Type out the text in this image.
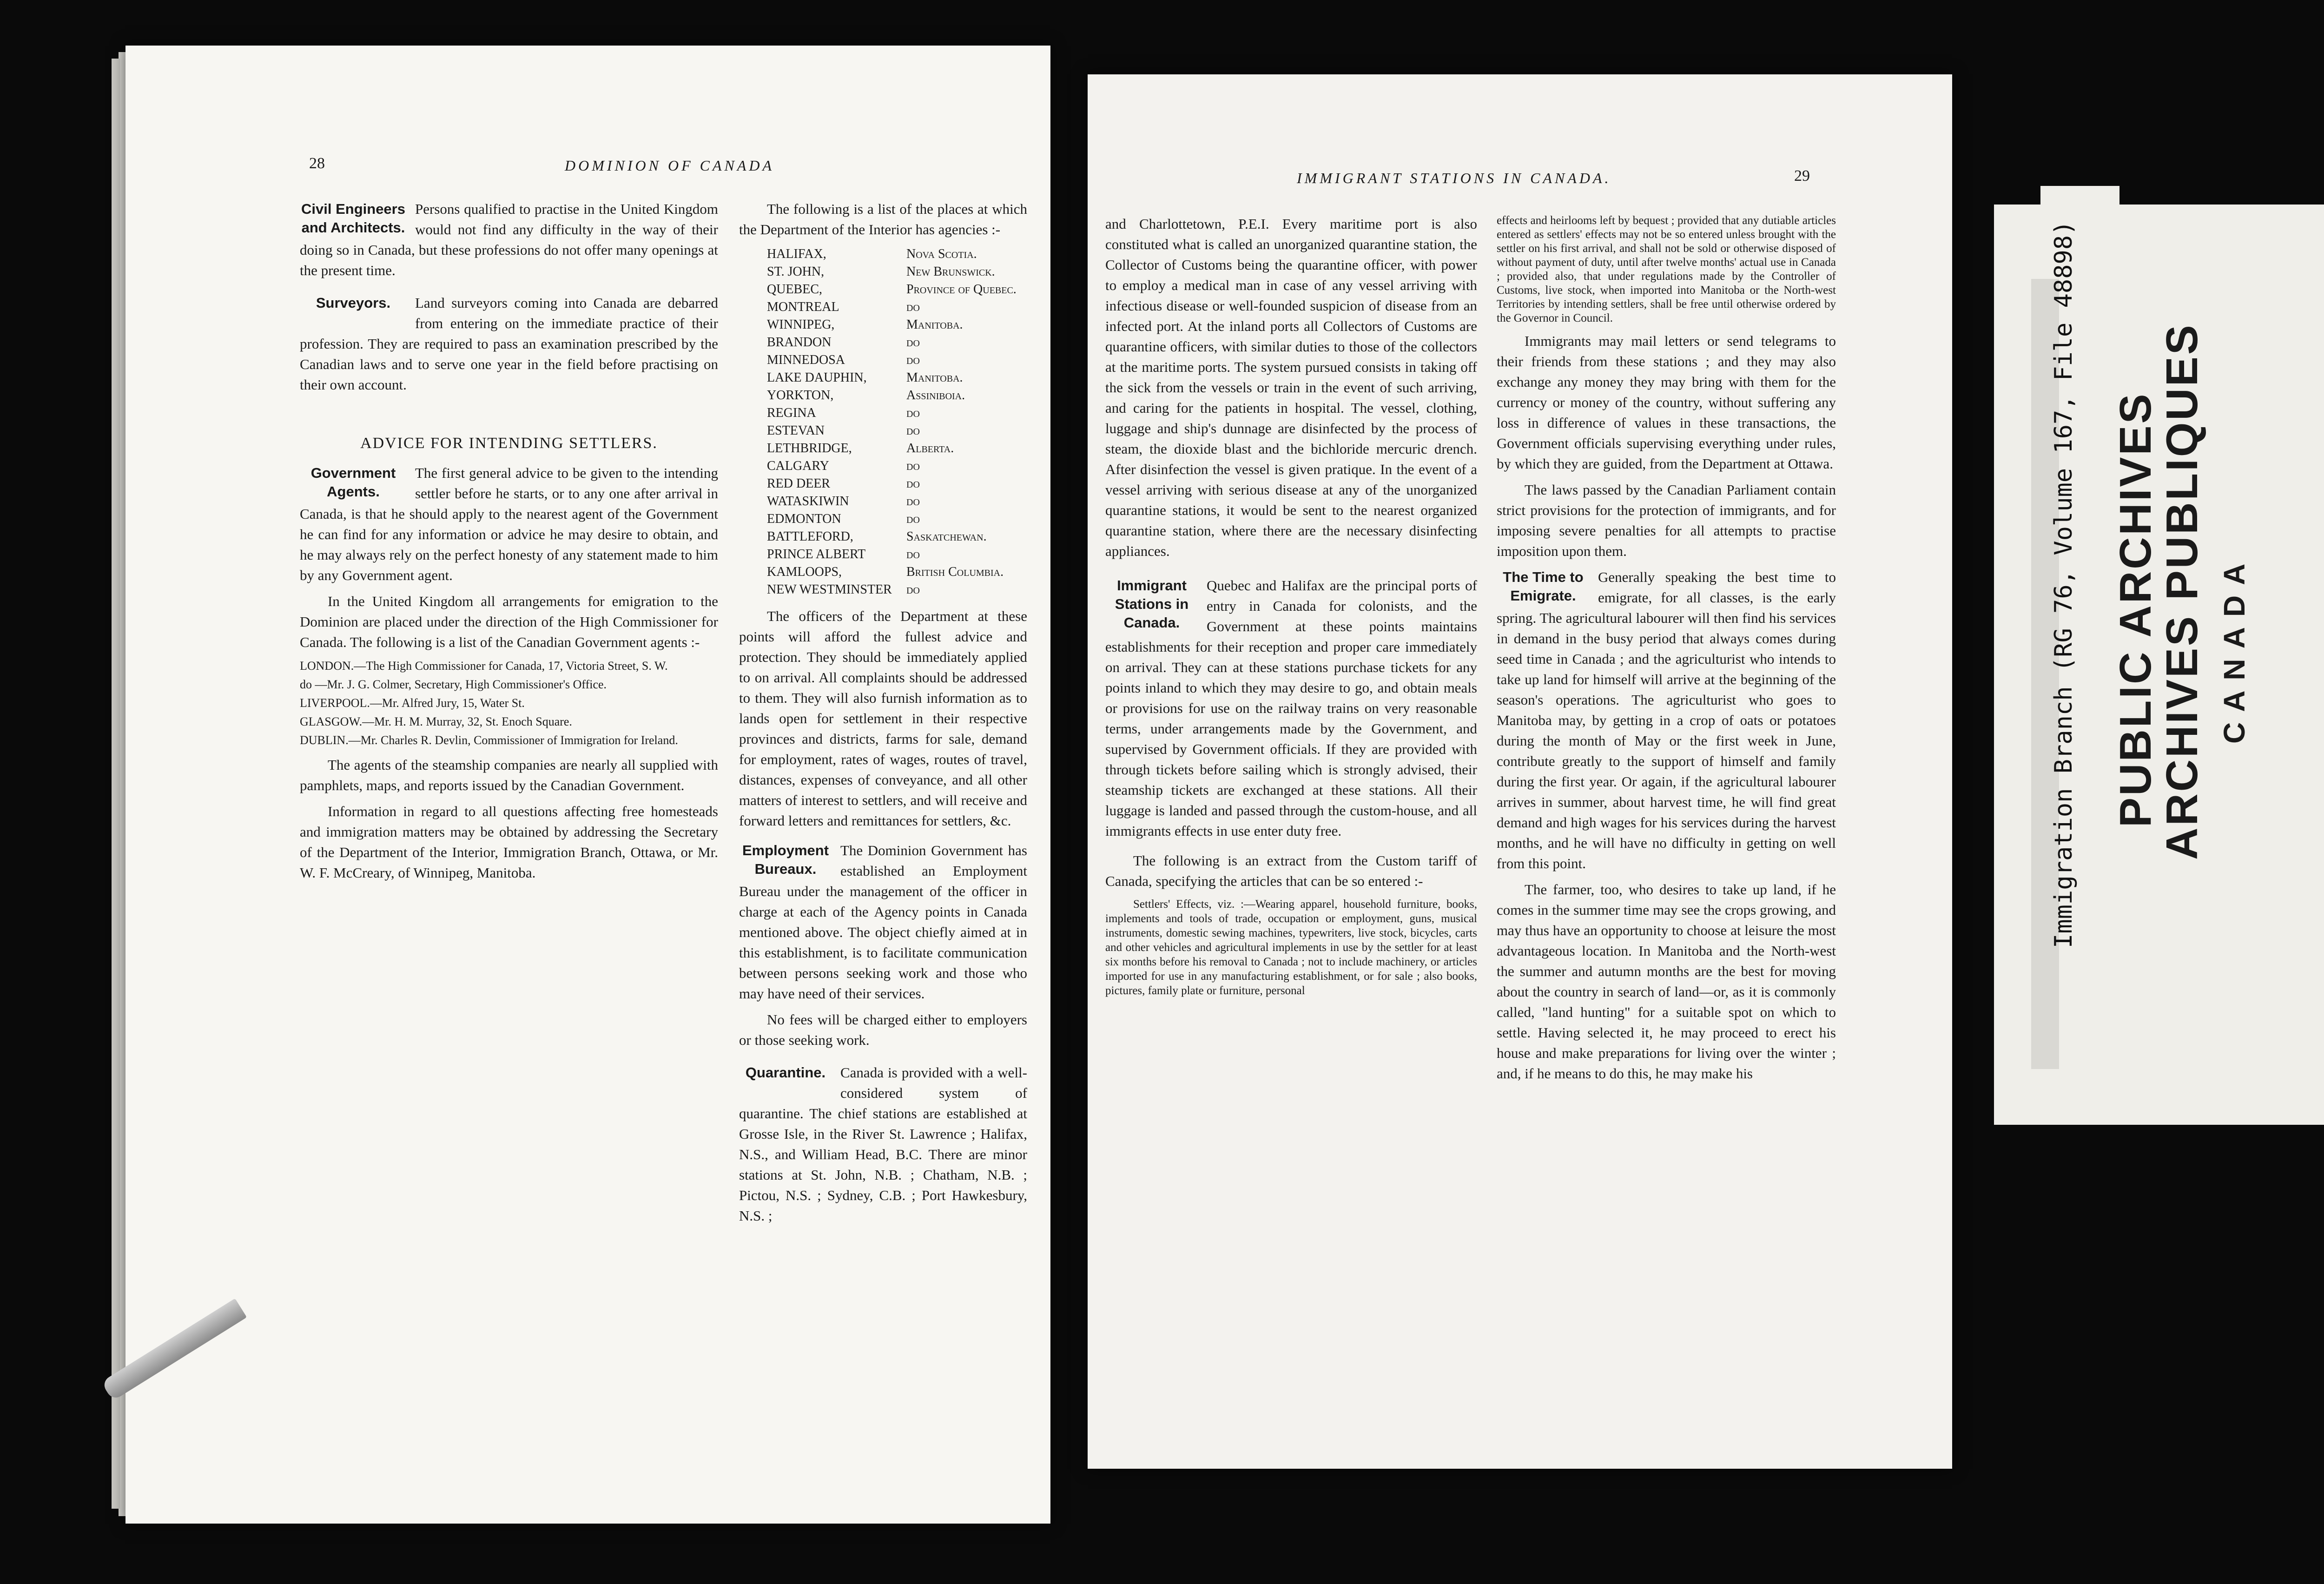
28	DOMINION OF CANADA

Civil Engineers and Architects.
Persons qualified to practise in the United Kingdom would not find any difficulty in the way of their doing so in Canada, but these professions do not offer many openings at the present time.

Surveyors.	Land surveyors coming into Canada are debarred from entering on the immediate practice of their profession. They are required to pass an examination prescribed by the Canadian laws and to serve one year in the field before practising on their own account.

ADVICE FOR INTENDING SETTLERS.

Government Agents.
The first general advice to be given to the intending settler before he starts, or to any one after arrival in Canada, is that he should apply to the nearest agent of the Government he can find for any information or advice he may desire to obtain, and he may always rely on the perfect honesty of any statement made to him by any Government agent.

In the United Kingdom all arrangements for emigration to the Dominion are placed under the direction of the High Commissioner for Canada. The following is a list of the Canadian Government agents :-

LONDON.—The High Commissioner for Canada, 17, Victoria Street, S. W.
do —Mr. J. G. Colmer, Secretary, High Commissioner's Office.
LIVERPOOL.—Mr. Alfred Jury, 15, Water St.
GLASGOW.—Mr. H. M. Murray, 32, St. Enoch Square.
DUBLIN.—Mr. Charles R. Devlin, Commissioner of Immigration for Ireland.

The agents of the steamship companies are nearly all supplied with pamphlets, maps, and reports issued by the Canadian Government.

Information in regard to all questions affecting free homesteads and immigration matters may be obtained by addressing the Secretary of the Department of the Interior, Immigration Branch, Ottawa, or Mr. W. F. McCreary, of Winnipeg, Manitoba.

The following is a list of the places at which the Department of the Interior has agencies :-

HALIFAX,	Nova Scotia.
ST. JOHN,	New Brunswick.
QUEBEC,	Province of Quebec.
MONTREAL	do
WINNIPEG,	Manitoba.
BRANDON	do
MINNEDOSA	do
LAKE DAUPHIN,	Manitoba.
YORKTON,	Assiniboia.
REGINA	do
ESTEVAN	do
LETHBRIDGE,	Alberta.
CALGARY	do
RED DEER	do
WATASKIWIN	do
EDMONTON	do
BATTLEFORD,	Saskatchewan.
PRINCE ALBERT	do
KAMLOOPS,	British Columbia.
NEW WESTMINSTER	do

The officers of the Department at these points will afford the fullest advice and protection. They should be immediately applied to on arrival. All complaints should be addressed to them. They will also furnish information as to lands open for settlement in their respective provinces and districts, farms for sale, demand for employment, rates of wages, routes of travel, distances, expenses of conveyance, and all other matters of interest to settlers, and will receive and forward letters and remittances for settlers, &c.

Employment Bureaux.
The Dominion Government has established an Employment Bureau under the management of the officer in charge at each of the Agency points in Canada mentioned above. The object chiefly aimed at in this establishment, is to facilitate communication between persons seeking work and those who may have need of their services.

No fees will be charged either to employers or those seeking work.

Quarantine.	Canada is provided with a well-considered system of quarantine. The chief stations are established at Grosse Isle, in the River St. Lawrence ; Halifax, N.S., and William Head, B.C. There are minor stations at St. John, N.B. ; Chatham, N.B. ; Pictou, N.S. ; Sydney, C.B. ; Port Hawkesbury, N.S. ;

IMMIGRANT STATIONS IN CANADA.	29

and Charlottetown, P.E.I. Every maritime port is also constituted what is called an unorganized quarantine station, the Collector of Customs being the quarantine officer, with power to employ a medical man in case of any vessel arriving with infectious disease or well-founded suspicion of disease from an infected port. At the inland ports all Collectors of Customs are quarantine officers, with similar duties to those of the collectors at the maritime ports. The system pursued consists in taking off the sick from the vessels or train in the event of such arriving, and caring for the patients in hospital. The vessel, clothing, luggage and ship's dunnage are disinfected by the process of steam, the dioxide blast and the bichloride mercuric drench. After disinfection the vessel is given pratique. In the event of a vessel arriving with serious disease at any of the unorganized quarantine stations, it would be sent to the nearest organized quarantine station, where there are the necessary disinfecting appliances.

Immigrant Stations in Canada.
Quebec and Halifax are the principal ports of entry in Canada for colonists, and the Government at these points maintains establishments for their reception and proper care immediately on arrival. They can at these stations purchase tickets for any points inland to which they may desire to go, and obtain meals or provisions for use on the railway trains on very reasonable terms, under arrangements made by the Government, and supervised by Government officials. If they are provided with through tickets before sailing which is strongly advised, their steamship tickets are exchanged at these stations. All their luggage is landed and passed through the custom-house, and all immigrants effects in use enter duty free.

The following is an extract from the Custom tariff of Canada, specifying the articles that can be so entered :-

Settlers' Effects, viz. :—Wearing apparel, household furniture, books, implements and tools of trade, occupation or employment, guns, musical instruments, domestic sewing machines, typewriters, live stock, bicycles, carts and other vehicles and agricultural implements in use by the settler for at least six months before his removal to Canada ; not to include machinery, or articles imported for use in any manufacturing establishment, or for sale ; also books, pictures, family plate or furniture, personal

effects and heirlooms left by bequest ; provided that any dutiable articles entered as settlers' effects may not be so entered unless brought with the settler on his first arrival, and shall not be sold or otherwise disposed of without payment of duty, until after twelve months' actual use in Canada ; provided also, that under regulations made by the Controller of Customs, live stock, when imported into Manitoba or the North-west Territories by intending settlers, shall be free until otherwise ordered by the Governor in Council.

Immigrants may mail letters or send telegrams to their friends from these stations ; and they may also exchange any money they may bring with them for the currency or money of the country, without suffering any loss in difference of values in these transactions, the Government officials supervising everything under rules, by which they are guided, from the Department at Ottawa.

The laws passed by the Canadian Parliament contain strict provisions for the protection of immigrants, and for imposing severe penalties for all attempts to practise imposition upon them.

The Time to Emigrate.
Generally speaking the best time to emigrate, for all classes, is the early spring. The agricultural labourer will then find his services in demand in the busy period that always comes during seed time in Canada ; and the agriculturist who intends to take up land for himself will arrive at the beginning of the season's operations. The agriculturist who goes to Manitoba may, by getting in a crop of oats or potatoes during the month of May or the first week in June, contribute greatly to the support of himself and family during the first year. Or again, if the agricultural labourer arrives in summer, about harvest time, he will find great demand and high wages for his services during the harvest months, and he will have no difficulty in getting on well from this point.

The farmer, too, who desires to take up land, if he comes in the summer time may see the crops growing, and may thus have an opportunity to choose at leisure the most advantageous location. In Manitoba and the North-west the summer and autumn months are the best for moving about the country in search of land—or, as it is commonly called, "land hunting" for a suitable spot on which to settle. Having selected it, he may proceed to erect his house and make preparations for living over the winter ; and, if he means to do this, he may make his

Immigration Branch (RG 76, Volume 167, File 48898) PUBLIC ARCHIVES
ARCHIVES PUBLIQUES CANADA
